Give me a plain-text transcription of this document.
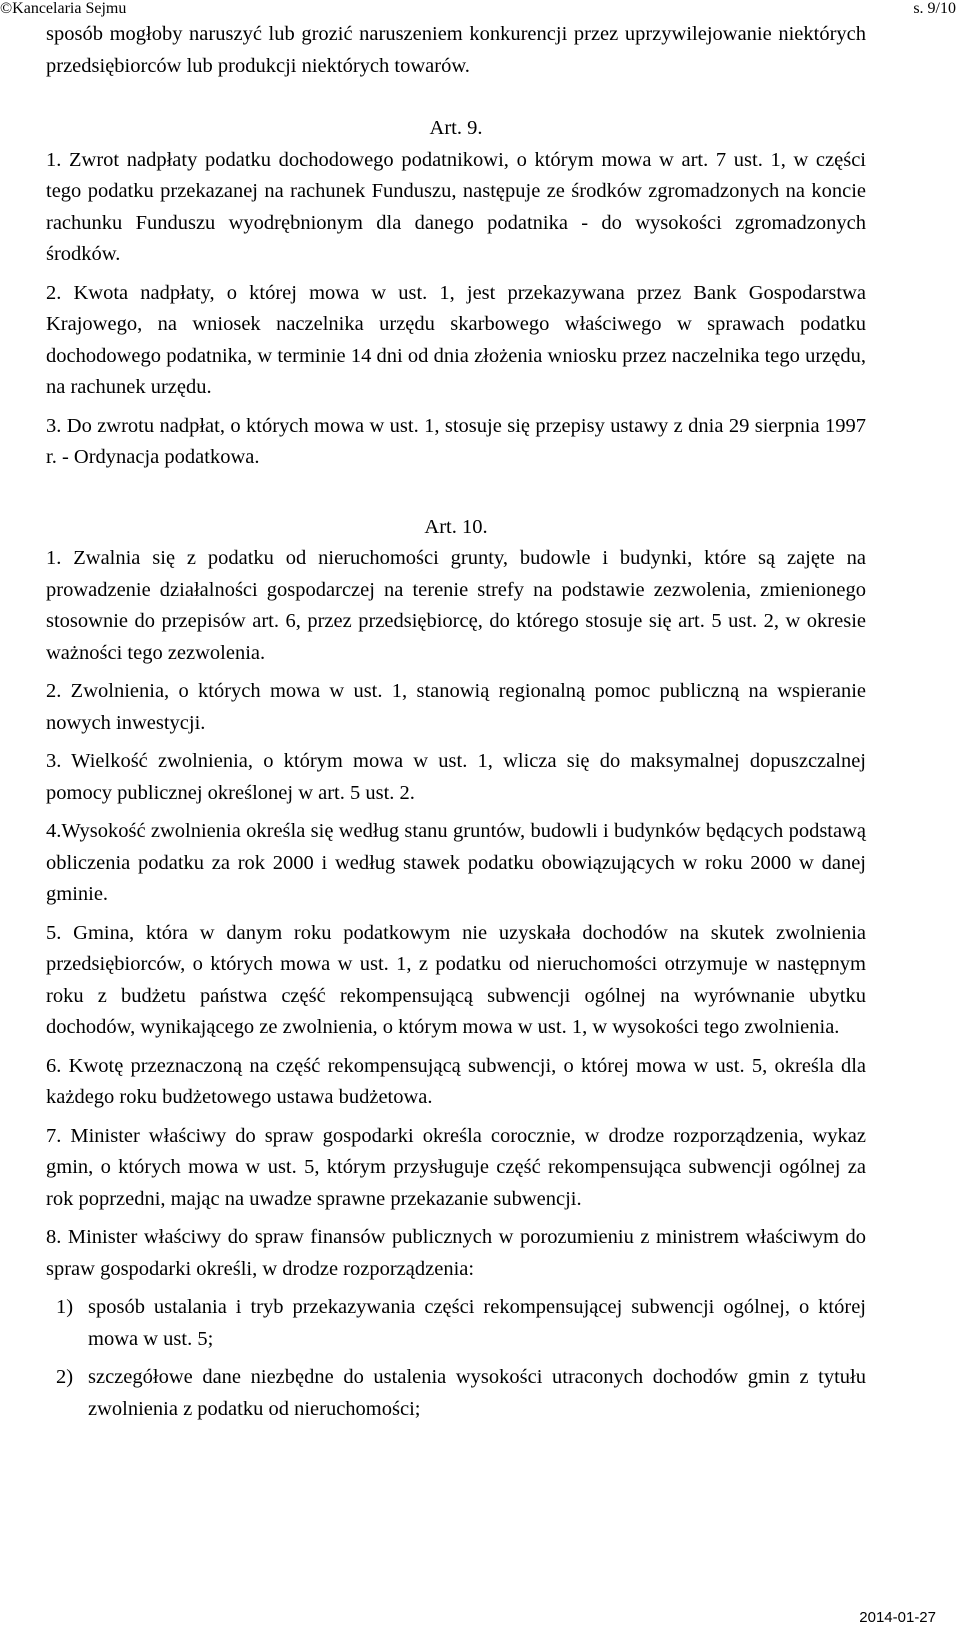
©Kancelaria Sejmu	s. 9/10

sposób mogłoby naruszyć lub grozić naruszeniem konkurencji przez uprzywilejowanie niektórych przedsiębiorców lub produkcji niektórych towarów.

Art. 9.

1. Zwrot nadpłaty podatku dochodowego podatnikowi, o którym mowa w art. 7 ust. 1, w części tego podatku przekazanej na rachunek Funduszu, następuje ze środków zgromadzonych na koncie rachunku Funduszu wyodrębnionym dla danego podatnika - do wysokości zgromadzonych środków.

2. Kwota nadpłaty, o której mowa w ust. 1, jest przekazywana przez Bank Gospodarstwa Krajowego, na wniosek naczelnika urzędu skarbowego właściwego w sprawach podatku dochodowego podatnika, w terminie 14 dni od dnia złożenia wniosku przez naczelnika tego urzędu, na rachunek urzędu.

3. Do zwrotu nadpłat, o których mowa w ust. 1, stosuje się przepisy ustawy z dnia 29 sierpnia 1997 r. - Ordynacja podatkowa.

Art. 10.

1. Zwalnia się z podatku od nieruchomości grunty, budowle i budynki, które są zajęte na prowadzenie działalności gospodarczej na terenie strefy na podstawie zezwolenia, zmienionego stosownie do przepisów art. 6, przez przedsiębiorcę, do którego stosuje się art. 5 ust. 2, w okresie ważności tego zezwolenia.

2. Zwolnienia, o których mowa w ust. 1, stanowią regionalną pomoc publiczną na wspieranie nowych inwestycji.

3. Wielkość zwolnienia, o którym mowa w ust. 1, wlicza się do maksymalnej dopuszczalnej pomocy publicznej określonej w art. 5 ust. 2.

4.Wysokość zwolnienia określa się według stanu gruntów, budowli i budynków będących podstawą obliczenia podatku za rok 2000 i według stawek podatku obowiązujących w roku 2000 w danej gminie.

5. Gmina, która w danym roku podatkowym nie uzyskała dochodów na skutek zwolnienia przedsiębiorców, o których mowa w ust. 1, z podatku od nieruchomości otrzymuje w następnym roku z budżetu państwa część rekompensującą subwencji ogólnej na wyrównanie ubytku dochodów, wynikającego ze zwolnienia, o którym mowa w ust. 1, w wysokości tego zwolnienia.

6. Kwotę przeznaczoną na część rekompensującą subwencji, o której mowa w ust. 5, określa dla każdego roku budżetowego ustawa budżetowa.

7. Minister właściwy do spraw gospodarki określa corocznie, w drodze rozporządzenia, wykaz gmin, o których mowa w ust. 5, którym przysługuje część rekompensująca subwencji ogólnej za rok poprzedni, mając na uwadze sprawne przekazanie subwencji.

8. Minister właściwy do spraw finansów publicznych w porozumieniu z ministrem właściwym do spraw gospodarki określi, w drodze rozporządzenia:

1) sposób ustalania i tryb przekazywania części rekompensującej subwencji ogólnej, o której mowa w ust. 5;
2) szczegółowe dane niezbędne do ustalenia wysokości utraconych dochodów gmin z tytułu zwolnienia z podatku od nieruchomości;
2014-01-27
